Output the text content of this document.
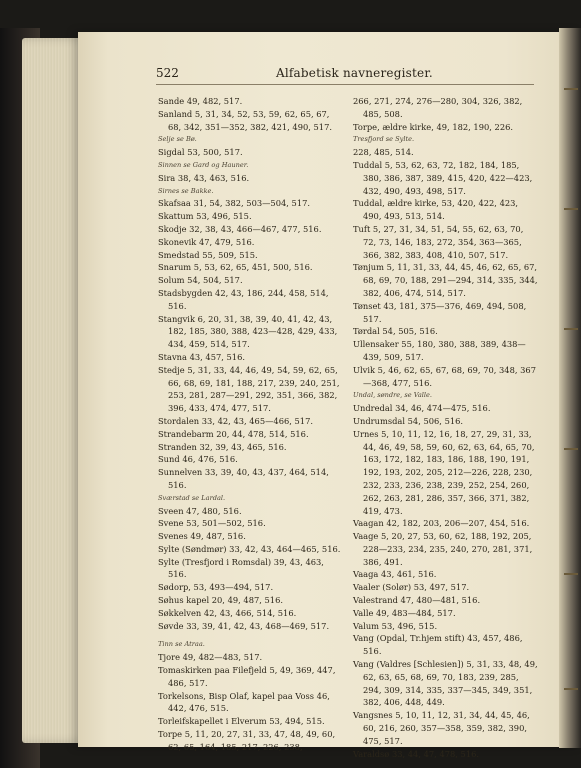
522	Alfabetisk navneregister.
Sande 49, 482, 517.
Sanland 5, 31, 34, 52, 53, 59, 62, 65, 67, 68, 342, 351—352, 382, 421, 490, 517.
Selje se Bø.
Sigdal 53, 500, 517.
Sinnen se Gard og Hauner.
Sira 38, 43, 463, 516.
Sirnes se Bakke.
Skafsaa 31, 54, 382, 503—504, 517.
Skattum 53, 496, 515.
Skodje 32, 38, 43, 466—467, 477, 516.
Skonevik 47, 479, 516.
Smedstad 55, 509, 515.
Snarum 5, 53, 62, 65, 451, 500, 516.
Solum 54, 504, 517.
Stadsbygden 42, 43, 186, 244, 458, 514, 516.
Stangvik 6, 20, 31, 38, 39, 40, 41, 42, 43, 182, 185, 380, 388, 423—428, 429, 433, 434, 459, 514, 517.
Stavna 43, 457, 516.
Stedje 5, 31, 33, 44, 46, 49, 54, 59, 62, 65, 66, 68, 69, 181, 188, 217, 239, 240, 251, 253, 281, 287—291, 292, 351, 366, 382, 396, 433, 474, 477, 517.
Stordalen 33, 42, 43, 465—466, 517.
Strandebarm 20, 44, 478, 514, 516.
Stranden 32, 39, 43, 465, 516.
Sund 46, 476, 516.
Sunnelven 33, 39, 40, 43, 437, 464, 514, 516.
Sværstad se Lardal.
Sveen 47, 480, 516.
Svene 53, 501—502, 516.
Svenes 49, 487, 516.
Sylte (Søndmør) 33, 42, 43, 464—465, 516.
Sylte (Tresfjord i Romsdal) 39, 43, 463, 516.
Sødorp, 53, 493—494, 517.
Søhus kapel 20, 49, 487, 516.
Søkkelven 42, 43, 466, 514, 516.
Søvde 33, 39, 41, 42, 43, 468—469, 517.
Tinn se Atraa.
Tjore 49, 482—483, 517.
Tomaskirken paa Filefjeld 5, 49, 369, 447, 486, 517.
Torkelsons, Bisp Olaf, kapel paa Voss 46, 442, 476, 515.
Torleifskapellet i Elverum 53, 494, 515.
Torpe 5, 11, 20, 27, 31, 33, 47, 48, 49, 60, 62, 65, 164, 185, 217, 226, 238,
266, 271, 274, 276—280, 304, 326, 382, 485, 508.
Torpe, ældre kirke, 49, 182, 190, 226.
Tresfjord se Sylte.
228, 485, 514.
Tuddal 5, 53, 62, 63, 72, 182, 184, 185, 380, 386, 387, 389, 415, 420, 422—423, 432, 490, 493, 498, 517.
Tuddal, ældre kirke, 53, 420, 422, 423, 490, 493, 513, 514.
Tuft 5, 27, 31, 34, 51, 54, 55, 62, 63, 70, 72, 73, 146, 183, 272, 354, 363—365, 366, 382, 383, 408, 410, 507, 517.
Tønjum 5, 11, 31, 33, 44, 45, 46, 62, 65, 67, 68, 69, 70, 188, 291—294, 314, 335, 344, 382, 406, 474, 514, 517.
Tønset 43, 181, 375—376, 469, 494, 508, 517.
Tørdal 54, 505, 516.
Ullensaker 55, 180, 380, 388, 389, 438—439, 509, 517.
Ulvik 5, 46, 62, 65, 67, 68, 69, 70, 348, 367—368, 477, 516.
Undal, søndre, se Valle.
Undredal 34, 46, 474—475, 516.
Undrumsdal 54, 506, 516.
Urnes 5, 10, 11, 12, 16, 18, 27, 29, 31, 33, 44, 46, 49, 58, 59, 60, 62, 63, 64, 65, 70, 163, 172, 182, 183, 186, 188, 190, 191, 192, 193, 202, 205, 212—226, 228, 230, 232, 233, 236, 238, 239, 252, 254, 260, 262, 263, 281, 286, 357, 366, 371, 382, 419, 473.
Vaagan 42, 182, 203, 206—207, 454, 516.
Vaage 5, 20, 27, 53, 60, 62, 188, 192, 205, 228—233, 234, 235, 240, 270, 281, 371, 386, 491.
Vaaga 43, 461, 516.
Vaaler (Solør) 53, 497, 517.
Valestrand 47, 480—481, 516.
Valle 49, 483—484, 517.
Valum 53, 496, 515.
Vang (Opdal, Tr.hjem stift) 43, 457, 486, 516.
Vang (Valdres [Schlesien]) 5, 31, 33, 48, 49, 62, 63, 65, 68, 69, 70, 183, 239, 285, 294, 309, 314, 335, 337—345, 349, 351, 382, 406, 448, 449.
Vangsnes 5, 10, 11, 12, 31, 34, 44, 45, 46, 60, 216, 260, 357—358, 359, 382, 390, 475, 517.
Varaldsø 33, 44, 47, 478, 516.
